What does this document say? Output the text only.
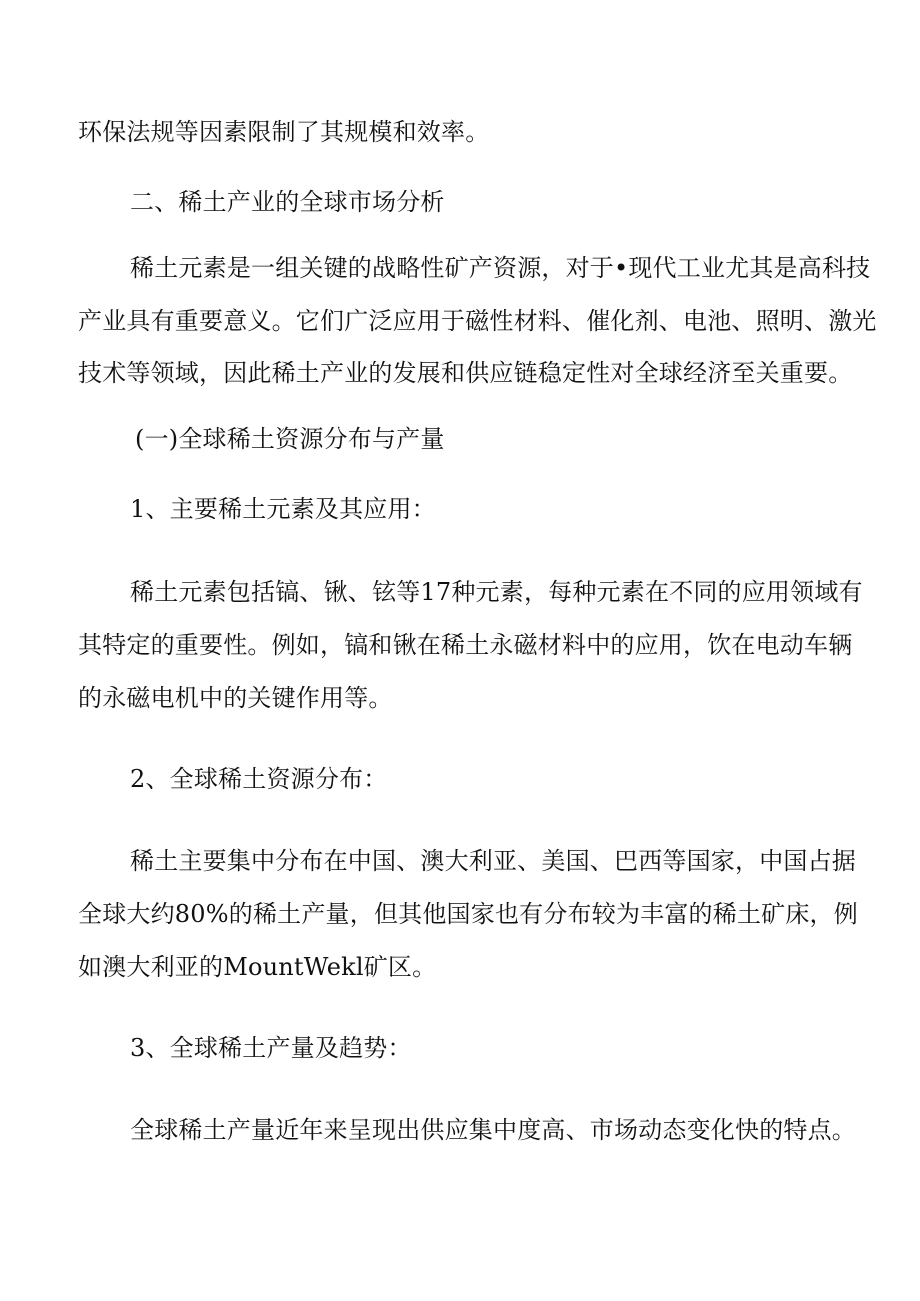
环保法规等因素限制了其规模和效率。
二、稀土产业的全球市场分析
稀土元素是一组关键的战略性矿产资源，对于•现代工业尤其是高科技
产业具有重要意义。它们广泛应用于磁性材料、催化剂、电池、照明、激光
技术等领域，因此稀土产业的发展和供应链稳定性对全球经济至关重要。
(一)全球稀土资源分布与产量
1、主要稀土元素及其应用：
稀土元素包括镐、锹、铉等17种元素，每种元素在不同的应用领域有
其特定的重要性。例如，镐和锹在稀土永磁材料中的应用，饮在电动车辆
的永磁电机中的关键作用等。
2、全球稀土资源分布：
稀土主要集中分布在中国、澳大利亚、美国、巴西等国家，中国占据
全球大约80%的稀土产量，但其他国家也有分布较为丰富的稀土矿床，例
如澳大利亚的MountWekl矿区。
3、全球稀土产量及趋势：
全球稀土产量近年来呈现出供应集中度高、市场动态变化快的特点。
